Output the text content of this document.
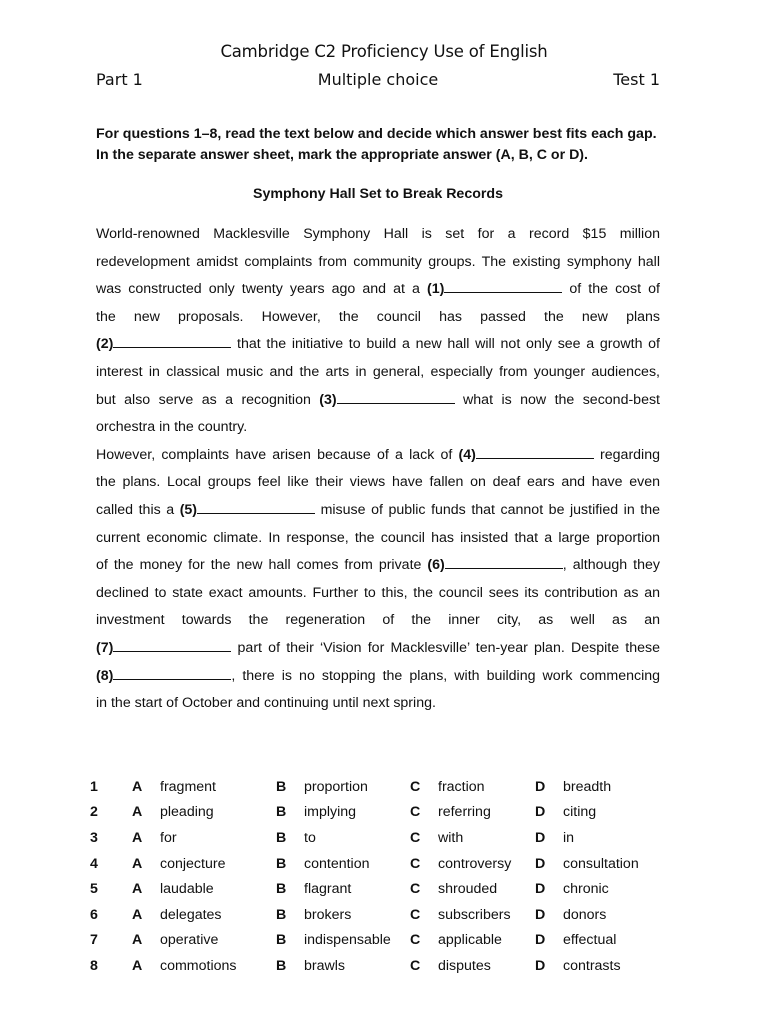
Cambridge C2 Proficiency Use of English
Part 1	Multiple choice	Test 1
For questions 1–8, read the text below and decide which answer best fits each gap. In the separate answer sheet, mark the appropriate answer (A, B, C or D).
Symphony Hall Set to Break Records
World-renowned Macklesville Symphony Hall is set for a record $15 million
redevelopment amidst complaints from community groups. The existing symphony hall
was constructed only twenty years ago and at a (1)	of the cost of
the new proposals. However, the council has passed the new plans
(2)	that the initiative to build a new hall will not only see a growth of
interest in classical music and the arts in general, especially from younger audiences,
but also serve as a recognition (3)	what is now the second-best
orchestra in the country.
However, complaints have arisen because of a lack of (4)	regarding
the plans. Local groups feel like their views have fallen on deaf ears and have even
called this a (5)	misuse of public funds that cannot be justified in the
current economic climate. In response, the council has insisted that a large proportion
of the money for the new hall comes from private (6)	, although they
declined to state exact amounts. Further to this, the council sees its contribution as an
investment towards the regeneration of the inner city, as well as an
(7)	part of their ‘Vision for Macklesville’ ten-year plan. Despite these
(8)	, there is no stopping the plans, with building work commencing
in the start of October and continuing until next spring.
1	A	fragment	B	proportion	C	fraction	D	breadth
2	A	pleading	B	implying	C	referring	D	citing
3	A	for	B	to	C	with	D	in
4	A	conjecture	B	contention	C	controversy	D	consultation
5	A	laudable	B	flagrant	C	shrouded	D	chronic
6	A	delegates	B	brokers	C	subscribers	D	donors
7	A	operative	B	indispensable	C	applicable	D	effectual
8	A	commotions	B	brawls	C	disputes	D	contrasts
